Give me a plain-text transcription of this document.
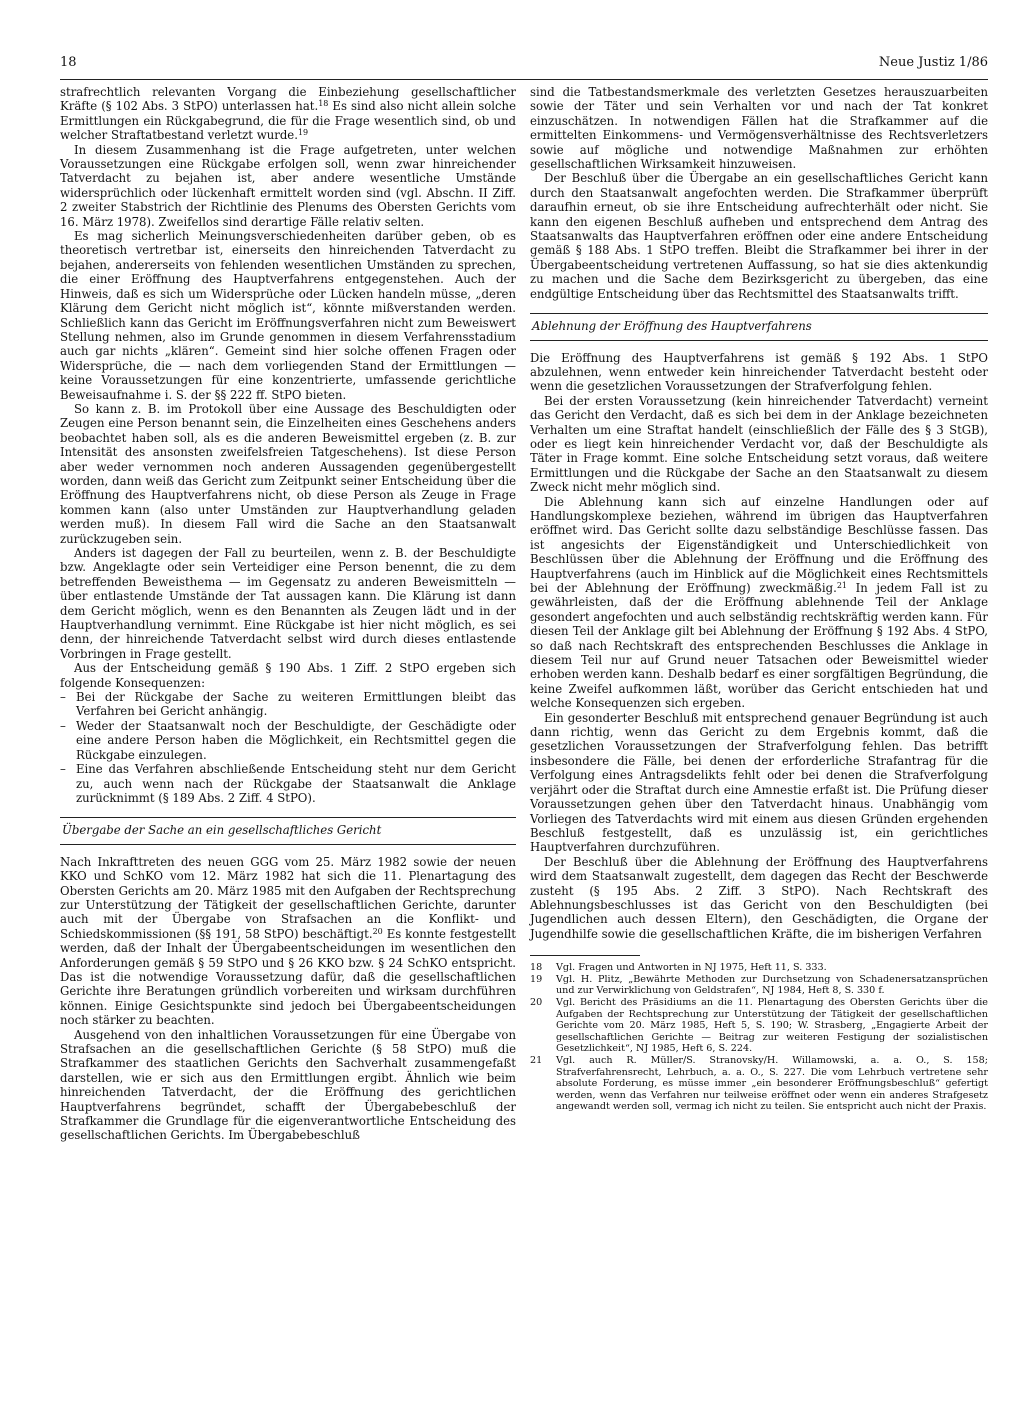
18	Neue Justiz 1/86

strafrechtlich relevanten Vorgang die Einbeziehung gesellschaftlicher Kräfte (§ 102 Abs. 3 StPO) unterlassen hat.$^{18}$ Es sind also nicht allein solche Ermittlungen ein Rückgabegrund, die für die Frage wesentlich sind, ob und welcher Straftatbestand verletzt wurde.$^{19}$

In diesem Zusammenhang ist die Frage aufgetreten, unter welchen Voraussetzungen eine Rückgabe erfolgen soll, wenn zwar hinreichender Tatverdacht zu bejahen ist, aber andere wesentliche Umstände widersprüchlich oder lückenhaft ermittelt worden sind (vgl. Abschn. II Ziff. 2 zweiter Stabstrich der Richtlinie des Plenums des Obersten Gerichts vom 16. März 1978). Zweifellos sind derartige Fälle relativ selten.

Es mag sicherlich Meinungsverschiedenheiten darüber geben, ob es theoretisch vertretbar ist, einerseits den hinreichenden Tatverdacht zu bejahen, andererseits von fehlenden wesentlichen Umständen zu sprechen, die einer Eröffnung des Hauptverfahrens entgegenstehen. Auch der Hinweis, daß es sich um Widersprüche oder Lücken handeln müsse, „deren Klärung dem Gericht nicht möglich ist“, könnte mißverstanden werden. Schließlich kann das Gericht im Eröffnungsverfahren nicht zum Beweiswert Stellung nehmen, also im Grunde genommen in diesem Verfahrensstadium auch gar nichts „klären“. Gemeint sind hier solche offenen Fragen oder Widersprüche, die — nach dem vorliegenden Stand der Ermittlungen — keine Voraussetzungen für eine konzentrierte, umfassende gerichtliche Beweisaufnahme i. S. der §§ 222 ff. StPO bieten.

So kann z. B. im Protokoll über eine Aussage des Beschuldigten oder Zeugen eine Person benannt sein, die Einzelheiten eines Geschehens anders beobachtet haben soll, als es die anderen Beweismittel ergeben (z. B. zur Intensität des ansonsten zweifelsfreien Tatgeschehens). Ist diese Person aber weder vernommen noch anderen Aussagenden gegenübergestellt worden, dann weiß das Gericht zum Zeitpunkt seiner Entscheidung über die Eröffnung des Hauptverfahrens nicht, ob diese Person als Zeuge in Frage kommen kann (also unter Umständen zur Hauptverhandlung geladen werden muß). In diesem Fall wird die Sache an den Staatsanwalt zurückzugeben sein.

Anders ist dagegen der Fall zu beurteilen, wenn z. B. der Beschuldigte bzw. Angeklagte oder sein Verteidiger eine Person benennt, die zu dem betreffenden Beweisthema — im Gegensatz zu anderen Beweismitteln — über entlastende Umstände der Tat aussagen kann. Die Klärung ist dann dem Gericht möglich, wenn es den Benannten als Zeugen lädt und in der Hauptverhandlung vernimmt. Eine Rückgabe ist hier nicht möglich, es sei denn, der hinreichende Tatverdacht selbst wird durch dieses entlastende Vorbringen in Frage gestellt.

Aus der Entscheidung gemäß § 190 Abs. 1 Ziff. 2 StPO ergeben sich folgende Konsequenzen:

– Bei der Rückgabe der Sache zu weiteren Ermittlungen bleibt das Verfahren bei Gericht anhängig.
– Weder der Staatsanwalt noch der Beschuldigte, der Geschädigte oder eine andere Person haben die Möglichkeit, ein Rechtsmittel gegen die Rückgabe einzulegen.
– Eine das Verfahren abschließende Entscheidung steht nur dem Gericht zu, auch wenn nach der Rückgabe der Staatsanwalt die Anklage zurücknimmt (§ 189 Abs. 2 Ziff. 4 StPO).
Übergabe der Sache an ein gesellschaftliches Gericht

Nach Inkrafttreten des neuen GGG vom 25. März 1982 sowie der neuen KKO und SchKO vom 12. März 1982 hat sich die 11. Plenartagung des Obersten Gerichts am 20. März 1985 mit den Aufgaben der Rechtsprechung zur Unterstützung der Tätigkeit der gesellschaftlichen Gerichte, darunter auch mit der Übergabe von Strafsachen an die Konflikt- und Schiedskommissionen (§§ 191, 58 StPO) beschäftigt.$^{20}$ Es konnte festgestellt werden, daß der Inhalt der Übergabeentscheidungen im wesentlichen den Anforderungen gemäß § 59 StPO und § 26 KKO bzw. § 24 SchKO entspricht. Das ist die notwendige Voraussetzung dafür, daß die gesellschaftlichen Gerichte ihre Beratungen gründlich vorbereiten und wirksam durchführen können. Einige Gesichtspunkte sind jedoch bei Übergabeentscheidungen noch stärker zu beachten.

Ausgehend von den inhaltlichen Voraussetzungen für eine Übergabe von Strafsachen an die gesellschaftlichen Gerichte (§ 58 StPO) muß die Strafkammer des staatlichen Gerichts den Sachverhalt zusammengefaßt darstellen, wie er sich aus den Ermittlungen ergibt. Ähnlich wie beim hinreichenden Tatverdacht, der die Eröffnung des gerichtlichen Hauptverfahrens begründet, schafft der Übergabebeschluß der Strafkammer die Grundlage für die eigenverantwortliche Entscheidung des gesellschaftlichen Gerichts. Im Übergabebeschluß

sind die Tatbestandsmerkmale des verletzten Gesetzes herauszuarbeiten sowie der Täter und sein Verhalten vor und nach der Tat konkret einzuschätzen. In notwendigen Fällen hat die Strafkammer auf die ermittelten Einkommens- und Vermögensverhältnisse des Rechtsverletzers sowie auf mögliche und notwendige Maßnahmen zur erhöhten gesellschaftlichen Wirksamkeit hinzuweisen.

Der Beschluß über die Übergabe an ein gesellschaftliches Gericht kann durch den Staatsanwalt angefochten werden. Die Strafkammer überprüft daraufhin erneut, ob sie ihre Entscheidung aufrechterhält oder nicht. Sie kann den eigenen Beschluß aufheben und entsprechend dem Antrag des Staatsanwalts das Hauptverfahren eröffnen oder eine andere Entscheidung gemäß § 188 Abs. 1 StPO treffen. Bleibt die Strafkammer bei ihrer in der Übergabeentscheidung vertretenen Auffassung, so hat sie dies aktenkundig zu machen und die Sache dem Bezirksgericht zu übergeben, das eine endgültige Entscheidung über das Rechtsmittel des Staatsanwalts trifft.

Ablehnung der Eröffnung des Hauptverfahrens

Die Eröffnung des Hauptverfahrens ist gemäß § 192 Abs. 1 StPO abzulehnen, wenn entweder kein hinreichender Tatverdacht besteht oder wenn die gesetzlichen Voraussetzungen der Strafverfolgung fehlen.

Bei der ersten Voraussetzung (kein hinreichender Tatverdacht) verneint das Gericht den Verdacht, daß es sich bei dem in der Anklage bezeichneten Verhalten um eine Straftat handelt (einschließlich der Fälle des § 3 StGB), oder es liegt kein hinreichender Verdacht vor, daß der Beschuldigte als Täter in Frage kommt. Eine solche Entscheidung setzt voraus, daß weitere Ermittlungen und die Rückgabe der Sache an den Staatsanwalt zu diesem Zweck nicht mehr möglich sind.

Die Ablehnung kann sich auf einzelne Handlungen oder auf Handlungskomplexe beziehen, während im übrigen das Hauptverfahren eröffnet wird. Das Gericht sollte dazu selbständige Beschlüsse fassen. Das ist angesichts der Eigenständigkeit und Unterschiedlichkeit von Beschlüssen über die Ablehnung der Eröffnung und die Eröffnung des Hauptverfahrens (auch im Hinblick auf die Möglichkeit eines Rechtsmittels bei der Ablehnung der Eröffnung) zweckmäßig.$^{21}$ In jedem Fall ist zu gewährleisten, daß der die Eröffnung ablehnende Teil der Anklage gesondert angefochten und auch selbständig rechtskräftig werden kann. Für diesen Teil der Anklage gilt bei Ablehnung der Eröffnung § 192 Abs. 4 StPO, so daß nach Rechtskraft des entsprechenden Beschlusses die Anklage in diesem Teil nur auf Grund neuer Tatsachen oder Beweismittel wieder erhoben werden kann. Deshalb bedarf es einer sorgfältigen Begründung, die keine Zweifel aufkommen läßt, worüber das Gericht entschieden hat und welche Konsequenzen sich ergeben.

Ein gesonderter Beschluß mit entsprechend genauer Begründung ist auch dann richtig, wenn das Gericht zu dem Ergebnis kommt, daß die gesetzlichen Voraussetzungen der Strafverfolgung fehlen. Das betrifft insbesondere die Fälle, bei denen der erforderliche Strafantrag für die Verfolgung eines Antragsdelikts fehlt oder bei denen die Strafverfolgung verjährt oder die Straftat durch eine Amnestie erfaßt ist. Die Prüfung dieser Voraussetzungen gehen über den Tatverdacht hinaus. Unabhängig vom Vorliegen des Tatverdachts wird mit einem aus diesen Gründen ergehenden Beschluß festgestellt, daß es unzulässig ist, ein gerichtliches Hauptverfahren durchzuführen.

Der Beschluß über die Ablehnung der Eröffnung des Hauptverfahrens wird dem Staatsanwalt zugestellt, dem dagegen das Recht der Beschwerde zusteht (§ 195 Abs. 2 Ziff. 3 StPO). Nach Rechtskraft des Ablehnungsbeschlusses ist das Gericht von den Beschuldigten (bei Jugendlichen auch dessen Eltern), den Geschädigten, die Organe der Jugendhilfe sowie die gesellschaftlichen Kräfte, die im bisherigen Verfahren

18	Vgl. Fragen und Antworten in NJ 1975, Heft 11, S. 333.
19	Vgl. H. Plitz, „Bewährte Methoden zur Durchsetzung von Schadenersatzansprüchen und zur Verwirklichung von Geldstrafen“, NJ 1984, Heft 8, S. 330 f.
20	Vgl. Bericht des Präsidiums an die 11. Plenartagung des Obersten Gerichts über die Aufgaben der Rechtsprechung zur Unterstützung der Tätigkeit der gesellschaftlichen Gerichte vom 20. März 1985, Heft 5, S. 190; W. Strasberg, „Engagierte Arbeit der gesellschaftlichen Gerichte — Beitrag zur weiteren Festigung der sozialistischen Gesetzlichkeit“, NJ 1985, Heft 6, S. 224.
21	Vgl. auch R. Müller/S. Stranovsky/H. Willamowski, a. a. O., S. 158; Strafverfahrensrecht, Lehrbuch, a. a. O., S. 227. Die vom Lehrbuch vertretene sehr absolute Forderung, es müsse immer „ein besonderer Eröffnungsbeschluß“ gefertigt werden, wenn das Verfahren nur teilweise eröffnet oder wenn ein anderes Strafgesetz angewandt werden soll, vermag ich nicht zu teilen. Sie entspricht auch nicht der Praxis.
